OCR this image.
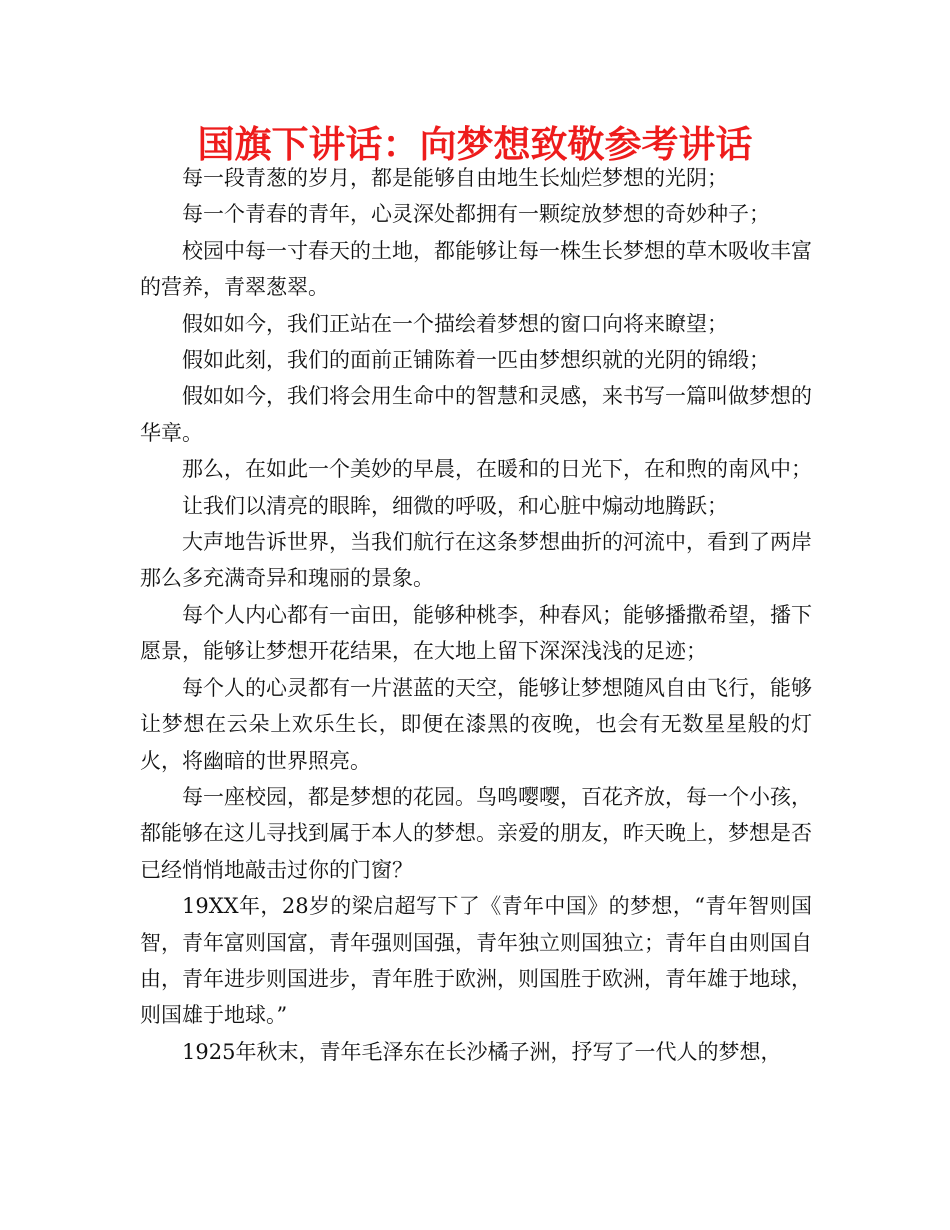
国旗下讲话：向梦想致敬参考讲话

每一段青葱的岁月，都是能够自由地生长灿烂梦想的光阴；

每一个青春的青年，心灵深处都拥有一颗绽放梦想的奇妙种子；

校园中每一寸春天的土地，都能够让每一株生长梦想的草木吸收丰富的营养，青翠葱翠。

假如如今，我们正站在一个描绘着梦想的窗口向将来瞭望；

假如此刻，我们的面前正铺陈着一匹由梦想织就的光阴的锦缎；

假如如今，我们将会用生命中的智慧和灵感，来书写一篇叫做梦想的华章。

那么，在如此一个美妙的早晨，在暖和的日光下，在和煦的南风中；

让我们以清亮的眼眸，细微的呼吸，和心脏中煽动地腾跃；

大声地告诉世界，当我们航行在这条梦想曲折的河流中，看到了两岸那么多充满奇异和瑰丽的景象。

每个人内心都有一亩田，能够种桃李，种春风；能够播撒希望，播下愿景，能够让梦想开花结果，在大地上留下深深浅浅的足迹；

每个人的心灵都有一片湛蓝的天空，能够让梦想随风自由飞行，能够让梦想在云朵上欢乐生长，即便在漆黑的夜晚，也会有无数星星般的灯火，将幽暗的世界照亮。

每一座校园，都是梦想的花园。鸟鸣嘤嘤，百花齐放，每一个小孩，都能够在这儿寻找到属于本人的梦想。亲爱的朋友，昨天晚上，梦想是否已经悄悄地敲击过你的门窗？

19XX年，28岁的梁启超写下了《青年中国》的梦想，“青年智则国智，青年富则国富，青年强则国强，青年独立则国独立；青年自由则国自由，青年进步则国进步，青年胜于欧洲，则国胜于欧洲，青年雄于地球，则国雄于地球。”

1925年秋末，青年毛泽东在长沙橘子洲，抒写了一代人的梦想，
